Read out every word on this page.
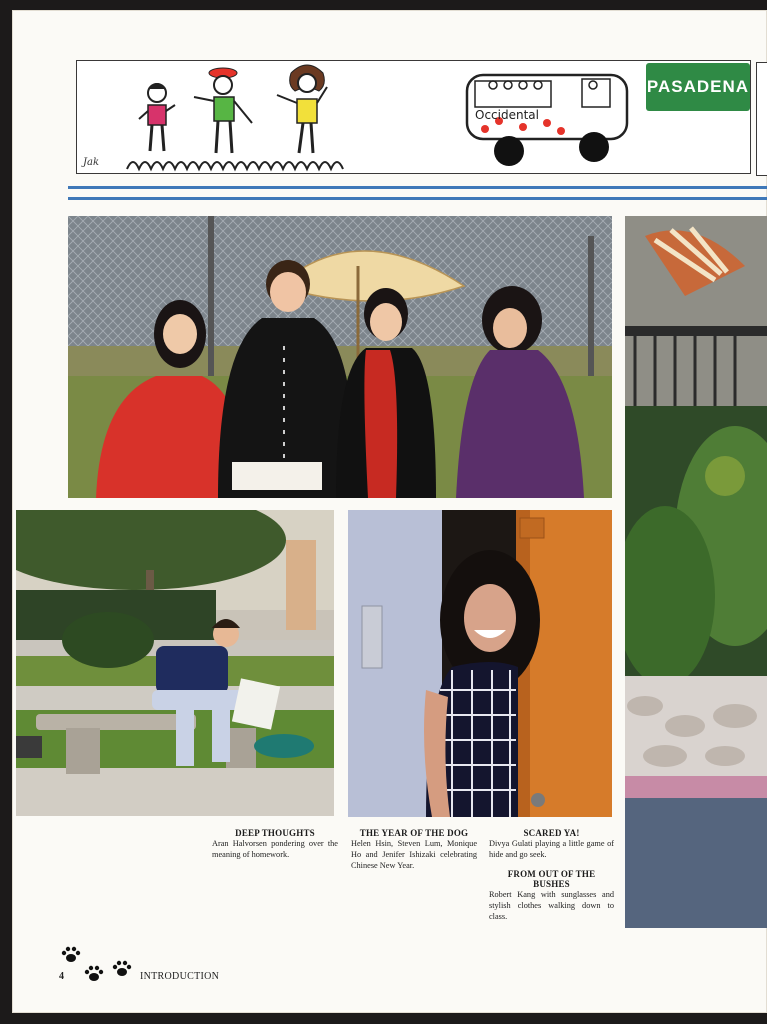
Occidental
Jak
PASADENA
DEEP THOUGHTS
Aran Halvorsen pondering over the meaning of homework.
THE YEAR OF THE DOG
Helen Hsin, Steven Lum, Monique Ho and Jenifer Ishizaki celebrating Chinese New Year.
SCARED YA!
Divya Gulati playing a little game of hide and go seek.
FROM OUT OF THE BUSHES
Robert Kang with sunglasses and stylish clothes walking down to class.
4	INTRODUCTION
